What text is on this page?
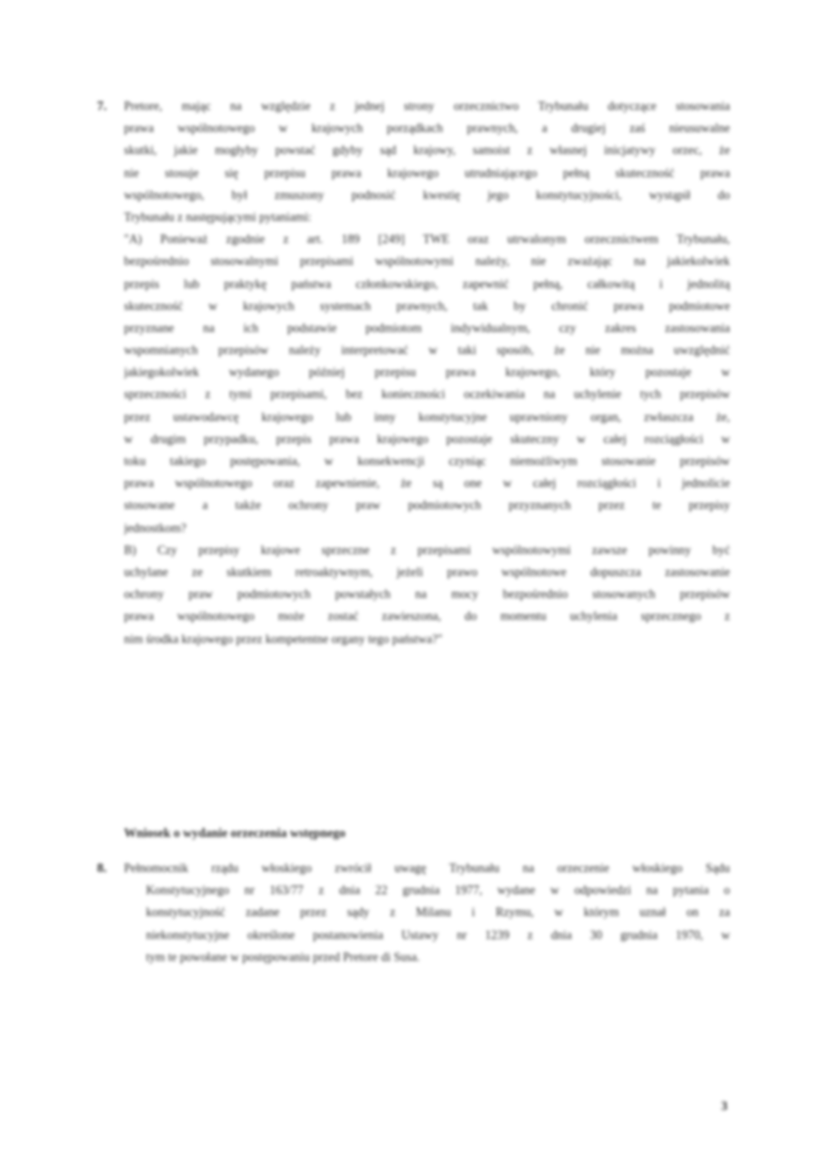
7. Pretore, mając na względzie z jednej strony orzecznictwo Trybunału dotyczące stosowania
prawa wspólnotowego w krajowych porządkach prawnych, a drugiej zaś nieusuwalne
skutki, jakie mogłyby powstać gdyby sąd krajowy, samoist z własnej inicjatywy orzec, że
nie stosuje się przepisu prawa krajowego utrudniającego pełną skuteczność prawa
wspólnotowego, był zmuszony podnosić kwestię jego konstytucyjności, wystąpił do
Trybunału z następującymi pytaniami:
"A) Ponieważ zgodnie z art. 189 [249] TWE oraz utrwalonym orzecznictwem Trybunału,
bezpośrednio stosowalnymi przepisami wspólnotowymi należy, nie zważając na jakiekolwiek
przepis lub praktykę państwa członkowskiego, zapewnić pełną, całkowitą i jednolitą
skuteczność w krajowych systemach prawnych, tak by chronić prawa podmiotowe
przyznane na ich podstawie podmiotom indywidualnym, czy zakres zastosowania
wspomnianych przepisów należy interpretować w taki sposób, że nie można uwzględnić
jakiegokolwiek wydanego później przepisu prawa krajowego, który pozostaje w
sprzeczności z tymi przepisami, bez konieczności oczekiwania na uchylenie tych przepisów
przez ustawodawcę krajowego lub inny konstytucyjne uprawniony organ, zwłaszcza że,
w drugim przypadku, przepis prawa krajowego pozostaje skuteczny w całej rozciągłości w
toku takiego postępowania, w konsekwencji czyniąc niemożliwym stosowanie przepisów
prawa wspólnotowego oraz zapewnienie, że są one w całej rozciągłości i jednolicie
stosowane a także ochrony praw podmiotowych przyznanych przez te przepisy
jednostkom?
B) Czy przepisy krajowe sprzeczne z przepisami wspólnotowymi zawsze powinny być
uchylane ze skutkiem retroaktywnym, jeżeli prawo wspólnotowe dopuszcza zastosowanie
ochrony praw podmiotowych powstałych na mocy bezpośrednio stosowanych przepisów
prawa wspólnotowego może zostać zawieszona, do momentu uchylenia sprzecznego z
nim środka krajowego przez kompetentne organy tego państwa?"
Wniosek o wydanie orzeczenia wstępnego
8. Pełnomocnik rządu włoskiego zwrócił uwagę Trybunału na orzeczenie włoskiego Sądu
Konstytucyjnego nr 163/77 z dnia 22 grudnia 1977, wydane w odpowiedzi na pytania o
konstytucyjność zadane przez sądy z Milanu i Rzymu, w którym uznał on za
niekonstytucyjne określone postanowienia Ustawy nr 1239 z dnia 30 grudnia 1970, w
tym te powołane w postępowaniu przed Pretore di Susa.
3
